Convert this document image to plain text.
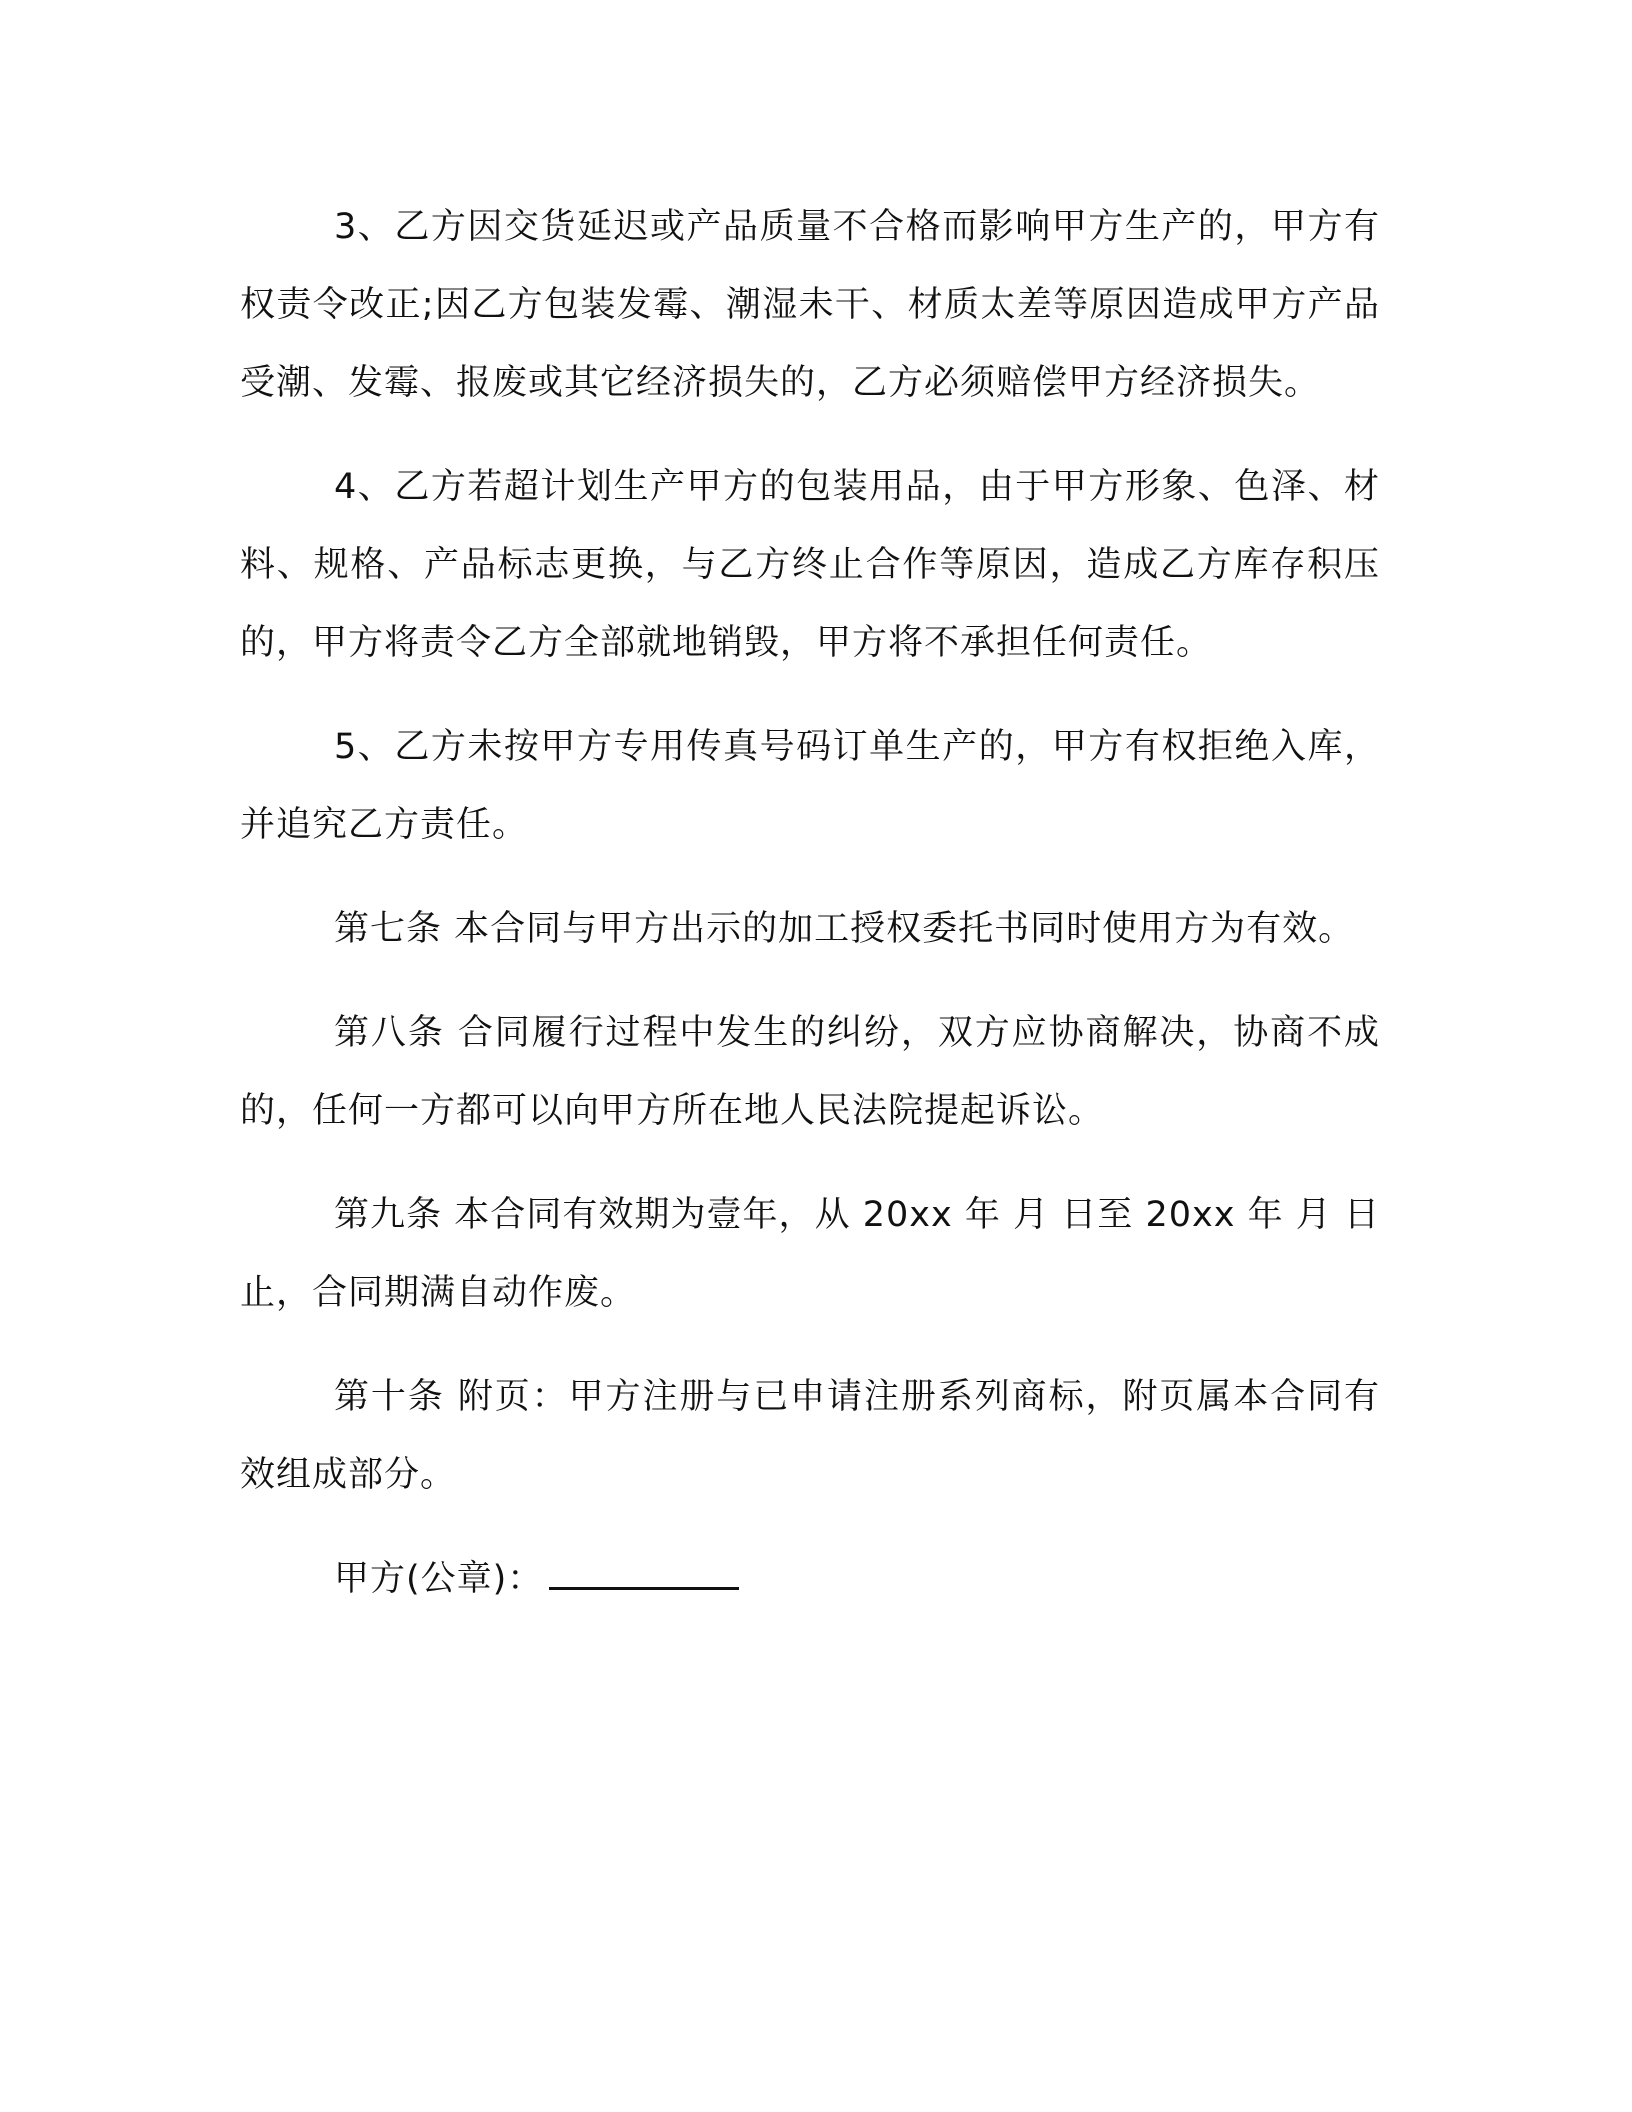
3、乙方因交货延迟或产品质量不合格而影响甲方生产的，甲方有权责令改正;因乙方包装发霉、潮湿未干、材质太差等原因造成甲方产品受潮、发霉、报废或其它经济损失的，乙方必须赔偿甲方经济损失。

4、乙方若超计划生产甲方的包装用品，由于甲方形象、色泽、材料、规格、产品标志更换，与乙方终止合作等原因，造成乙方库存积压的，甲方将责令乙方全部就地销毁，甲方将不承担任何责任。

5、乙方未按甲方专用传真号码订单生产的，甲方有权拒绝入库，并追究乙方责任。

第七条 本合同与甲方出示的加工授权委托书同时使用方为有效。

第八条 合同履行过程中发生的纠纷，双方应协商解决，协商不成的，任何一方都可以向甲方所在地人民法院提起诉讼。

第九条 本合同有效期为壹年，从 20xx 年 月 日至 20xx 年 月 日止，合同期满自动作废。

第十条 附页：甲方注册与已申请注册系列商标，附页属本合同有效组成部分。

甲方(公章)：
